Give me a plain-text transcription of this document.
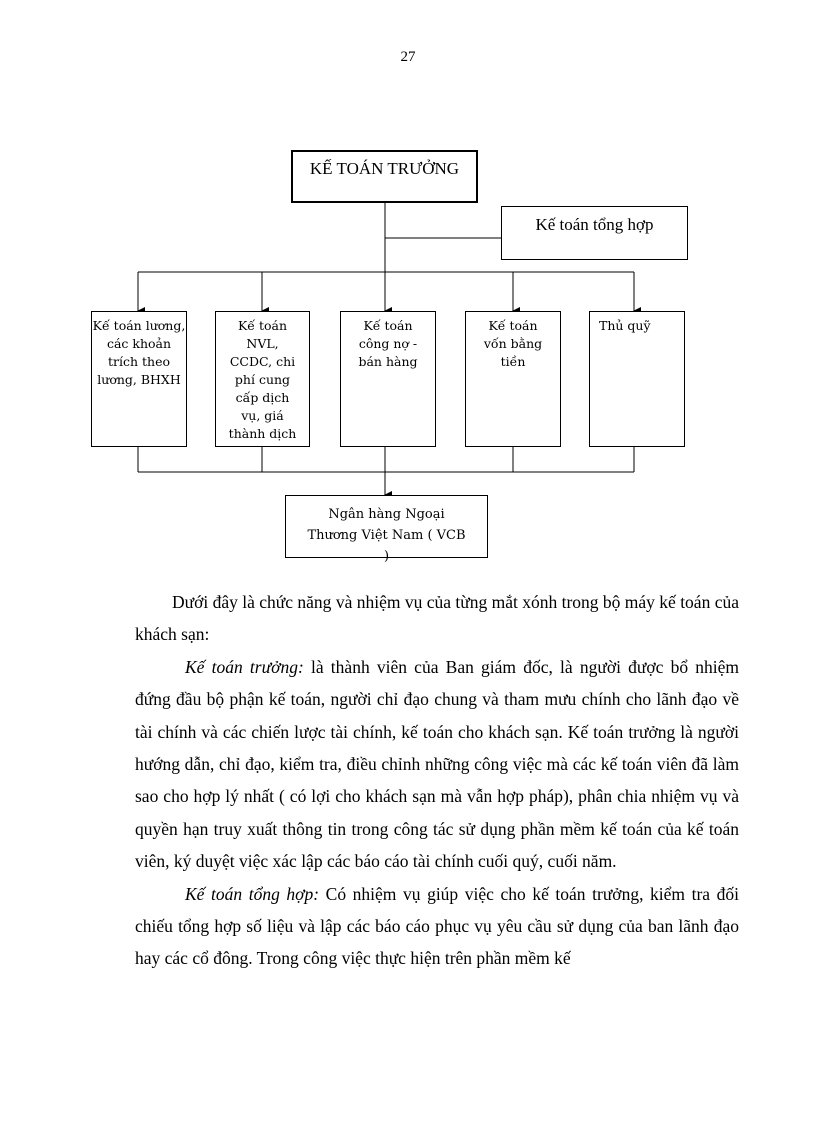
27
KẾ TOÁN TRƯỞNG
Kế toán tổng hợp
Kế toán lương, các khoản trích theo lương, BHXH
Kế toán NVL, CCDC, chi phí cung cấp dịch vụ, giá thành dịch
Kế toán công nợ - bán hàng
Kế toán vốn bằng tiền
Thủ quỹ
Ngân hàng Ngoại Thương Việt Nam ( VCB )

Dưới đây là chức năng và nhiệm vụ của từng mắt xónh trong bộ máy kế toán của khách sạn:

Kế toán trưởng: là thành viên của Ban giám đốc, là người được bổ nhiệm đứng đầu bộ phận kế toán, người chỉ đạo chung và tham mưu chính cho lãnh đạo về tài chính và các chiến lược tài chính, kế toán cho khách sạn. Kế toán trưởng là người hướng dẫn, chỉ đạo, kiểm tra, điều chỉnh những công việc mà các kế toán viên đã làm sao cho hợp lý nhất ( có lợi cho khách sạn mà vẫn hợp pháp), phân chia nhiệm vụ và quyền hạn truy xuất thông tin trong công tác sử dụng phần mềm kế toán của kế toán viên, ký duyệt việc xác lập các báo cáo tài chính cuối quý, cuối năm.

Kế toán tổng hợp: Có nhiệm vụ giúp việc cho kế toán trưởng, kiểm tra đối chiếu tổng hợp số liệu và lập các báo cáo phục vụ yêu cầu sử dụng của ban lãnh đạo hay các cổ đông. Trong công việc thực hiện trên phần mềm kế
